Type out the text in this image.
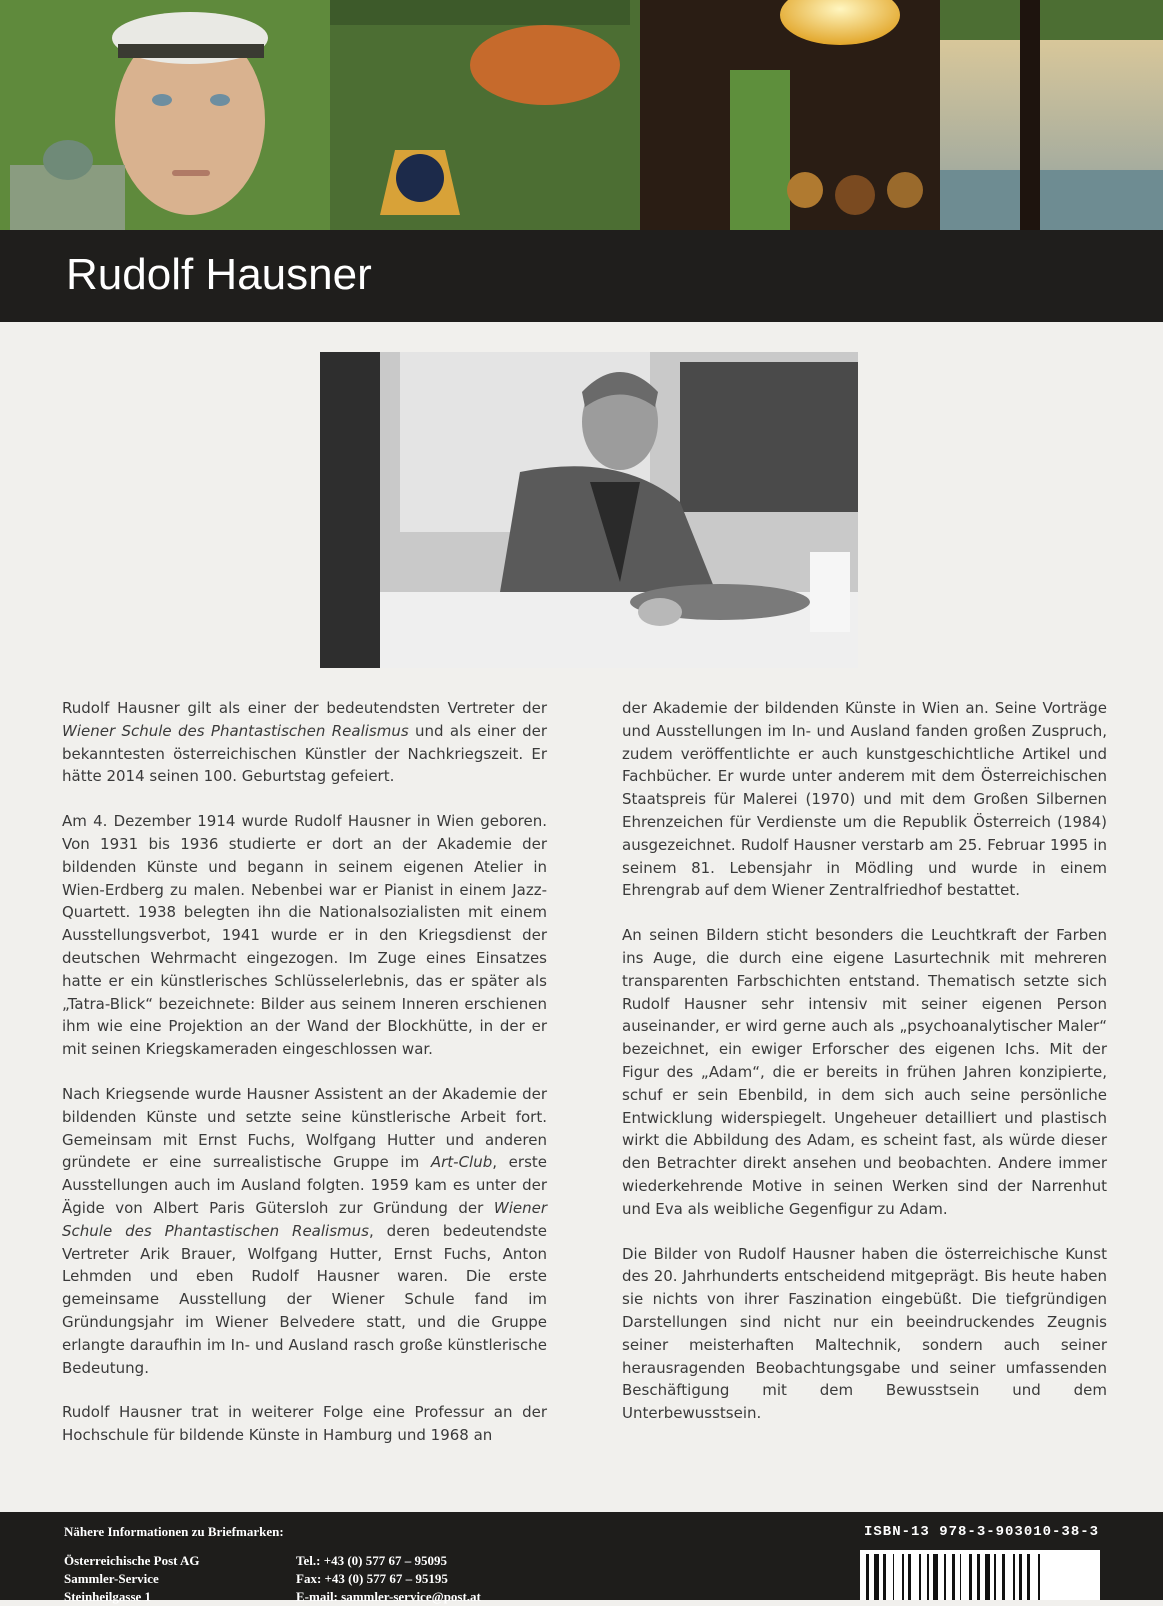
Rudolf Hausner

Rudolf Hausner gilt als einer der bedeutendsten Vertreter der Wiener Schule des Phantastischen Realismus und als einer der bekanntesten österreichischen Künstler der Nachkriegszeit. Er hätte 2014 seinen 100. Geburtstag gefeiert.

Am 4. Dezember 1914 wurde Rudolf Hausner in Wien geboren. Von 1931 bis 1936 studierte er dort an der Akademie der bildenden Künste und begann in seinem eigenen Atelier in Wien-Erdberg zu malen. Nebenbei war er Pianist in einem Jazz-Quartett. 1938 belegten ihn die Nationalsozialisten mit einem Ausstellungsverbot, 1941 wurde er in den Kriegsdienst der deutschen Wehrmacht eingezogen. Im Zuge eines Einsatzes hatte er ein künstlerisches Schlüsselerlebnis, das er später als „Tatra-Blick“ bezeichnete: Bilder aus seinem Inneren erschienen ihm wie eine Projektion an der Wand der Blockhütte, in der er mit seinen Kriegskameraden eingeschlossen war.

Nach Kriegsende wurde Hausner Assistent an der Akademie der bildenden Künste und setzte seine künstlerische Arbeit fort. Gemeinsam mit Ernst Fuchs, Wolfgang Hutter und anderen gründete er eine surrealistische Gruppe im Art-Club, erste Ausstellungen auch im Ausland folgten. 1959 kam es unter der Ägide von Albert Paris Gütersloh zur Gründung der Wiener Schule des Phantastischen Realismus, deren bedeutendste Vertreter Arik Brauer, Wolfgang Hutter, Ernst Fuchs, Anton Lehmden und eben Rudolf Hausner waren. Die erste gemeinsame Ausstellung der Wiener Schule fand im Gründungsjahr im Wiener Belvedere statt, und die Gruppe erlangte daraufhin im In- und Ausland rasch große künstlerische Bedeutung.

Rudolf Hausner trat in weiterer Folge eine Professur an der Hochschule für bildende Künste in Hamburg und 1968 an

der Akademie der bildenden Künste in Wien an. Seine Vorträge und Ausstellungen im In- und Ausland fanden großen Zuspruch, zudem veröffentlichte er auch kunstgeschichtliche Artikel und Fachbücher. Er wurde unter anderem mit dem Österreichischen Staatspreis für Malerei (1970) und mit dem Großen Silbernen Ehrenzeichen für Verdienste um die Republik Österreich (1984) ausgezeichnet. Rudolf Hausner verstarb am 25. Februar 1995 in seinem 81. Lebensjahr in Mödling und wurde in einem Ehrengrab auf dem Wiener Zentralfriedhof bestattet.

An seinen Bildern sticht besonders die Leuchtkraft der Farben ins Auge, die durch eine eigene Lasurtechnik mit mehreren transparenten Farbschichten entstand. Thematisch setzte sich Rudolf Hausner sehr intensiv mit seiner eigenen Person auseinander, er wird gerne auch als „psychoanalytischer Maler“ bezeichnet, ein ewiger Erforscher des eigenen Ichs. Mit der Figur des „Adam“, die er bereits in frühen Jahren konzipierte, schuf er sein Ebenbild, in dem sich auch seine persönliche Entwicklung widerspiegelt. Ungeheuer detailliert und plastisch wirkt die Abbildung des Adam, es scheint fast, als würde dieser den Betrachter direkt ansehen und beobachten. Andere immer wiederkehrende Motive in seinen Werken sind der Narrenhut und Eva als weibliche Gegenfigur zu Adam.

Die Bilder von Rudolf Hausner haben die österreichische Kunst des 20. Jahrhunderts entscheidend mitgeprägt. Bis heute haben sie nichts von ihrer Faszination eingebüßt. Die tiefgründigen Darstellungen sind nicht nur ein beeindruckendes Zeugnis seiner meisterhaften Maltechnik, sondern auch seiner herausragenden Beobachtungsgabe und seiner umfassenden Beschäftigung mit dem Bewusstsein und dem Unterbewusstsein.

Nähere Informationen zu Briefmarken:
Österreichische Post AG
Sammler-Service
Steinheilgasse 1
Tel.: +43 (0) 577 67 – 95095
Fax: +43 (0) 577 67 – 95195
E-mail: sammler-service@post.at
ISBN-13 978-3-903010-38-3
